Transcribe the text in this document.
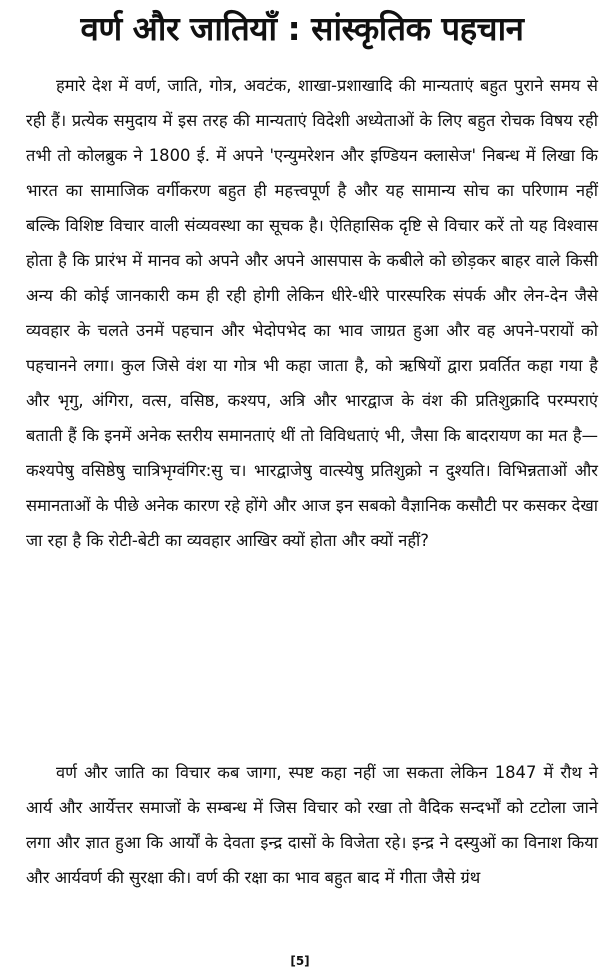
वर्ण और जातियाँ : सांस्कृतिक पहचान

हमारे देश में वर्ण, जाति, गोत्र, अवटंक, शाखा-प्रशाखादि की मान्यताएं बहुत पुराने समय से रही हैं। प्रत्येक समुदाय में इस तरह की मान्यताएं विदेशी अध्येताओं के लिए बहुत रोचक विषय रही तभी तो कोलब्रुक ने 1800 ई. में अपने 'एन्युमरेशन और इण्डियन क्लासेज' निबन्ध में लिखा कि भारत का सामाजिक वर्गीकरण बहुत ही महत्त्वपूर्ण है और यह सामान्य सोच का परिणाम नहीं बल्कि विशिष्ट विचार वाली संव्यवस्था का सूचक है। ऐतिहासिक दृष्टि से विचार करें तो यह विश्वास होता है कि प्रारंभ में मानव को अपने और अपने आसपास के कबीले को छोड़कर बाहर वाले किसी अन्य की कोई जानकारी कम ही रही होगी लेकिन धीरे-धीरे पारस्परिक संपर्क और लेन-देन जैसे व्यवहार के चलते उनमें पहचान और भेदोपभेद का भाव जाग्रत हुआ और वह अपने-परायों को पहचानने लगा। कुल जिसे वंश या गोत्र भी कहा जाता है, को ऋषियों द्वारा प्रवर्तित कहा गया है और भृगु, अंगिरा, वत्स, वसिष्ठ, कश्यप, अत्रि और भारद्वाज के वंश की प्रतिशुक्रादि परम्पराएं बताती हैं कि इनमें अनेक स्तरीय समानताएं थीं तो विविधताएं भी, जैसा कि बादरायण का मत है—कश्यपेषु वसिष्ठेषु चात्रिभृग्वंगिर:सु च। भारद्वाजेषु वात्स्येषु प्रतिशुक्रो न दुश्यति। विभिन्नताओं और समानताओं के पीछे अनेक कारण रहे होंगे और आज इन सबको वैज्ञानिक कसौटी पर कसकर देखा जा रहा है कि रोटी-बेटी का व्यवहार आखिर क्यों होता और क्यों नहीं?

वर्ण और जाति का विचार कब जागा, स्पष्ट कहा नहीं जा सकता लेकिन 1847 में रौथ ने आर्य और आर्येत्तर समाजों के सम्बन्ध में जिस विचार को रखा तो वैदिक सन्दर्भों को टटोला जाने लगा और ज्ञात हुआ कि आर्यों के देवता इन्द्र दासों के विजेता रहे। इन्द्र ने दस्युओं का विनाश किया और आर्यवर्ण की सुरक्षा की। वर्ण की रक्षा का भाव बहुत बाद में गीता जैसे ग्रंथ

[5]
